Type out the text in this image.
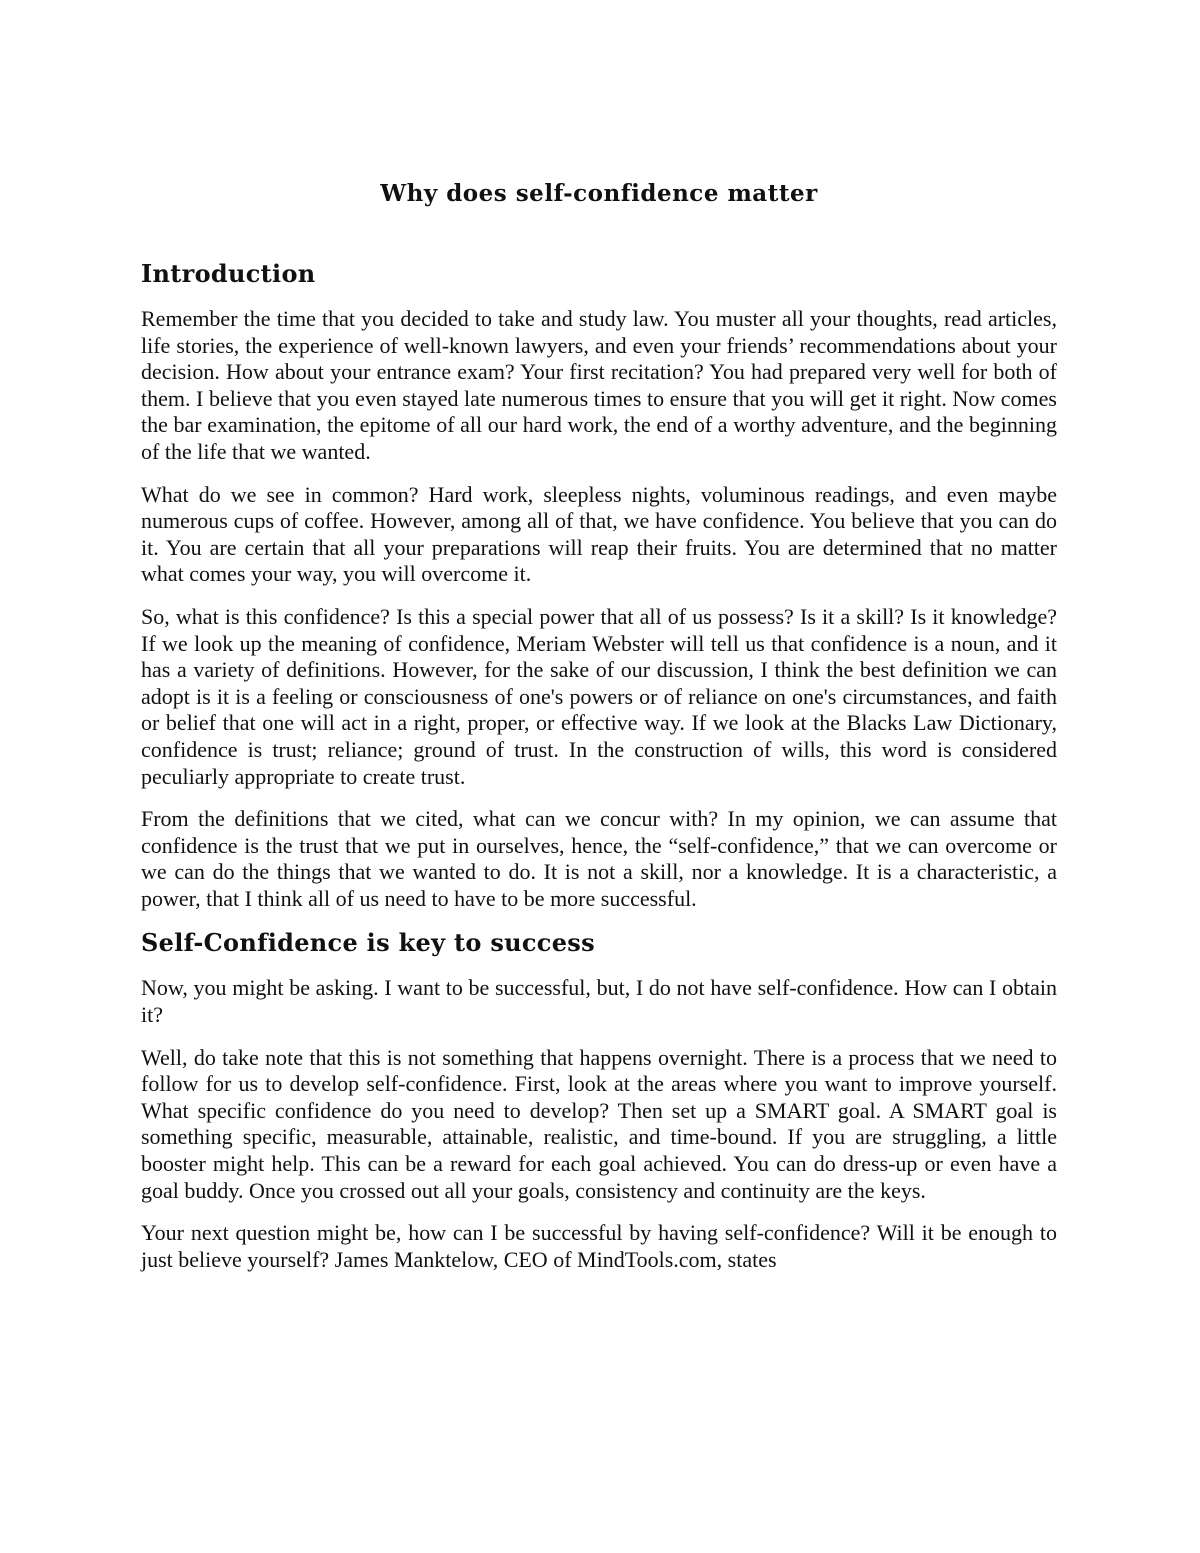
Why does self-confidence matter
Introduction

Remember the time that you decided to take and study law. You muster all your thoughts, read articles, life stories, the experience of well-known lawyers, and even your friends’ recommendations about your decision. How about your entrance exam? Your first recitation? You had prepared very well for both of them. I believe that you even stayed late numerous times to ensure that you will get it right. Now comes the bar examination, the epitome of all our hard work, the end of a worthy adventure, and the beginning of the life that we wanted.

What do we see in common? Hard work, sleepless nights, voluminous readings, and even maybe numerous cups of coffee. However, among all of that, we have confidence. You believe that you can do it. You are certain that all your preparations will reap their fruits. You are determined that no matter what comes your way, you will overcome it.

So, what is this confidence? Is this a special power that all of us possess? Is it a skill? Is it knowledge? If we look up the meaning of confidence, Meriam Webster will tell us that confidence is a noun, and it has a variety of definitions. However, for the sake of our discussion, I think the best definition we can adopt is it is a feeling or consciousness of one's powers or of reliance on one's circumstances, and faith or belief that one will act in a right, proper, or effective way. If we look at the Blacks Law Dictionary, confidence is trust; reliance; ground of trust. In the construction of wills, this word is considered peculiarly appropriate to create trust.

From the definitions that we cited, what can we concur with? In my opinion, we can assume that confidence is the trust that we put in ourselves, hence, the “self-confidence,” that we can overcome or we can do the things that we wanted to do. It is not a skill, nor a knowledge. It is a characteristic, a power, that I think all of us need to have to be more successful.

Self-Confidence is key to success

Now, you might be asking. I want to be successful, but, I do not have self-confidence. How can I obtain it?

Well, do take note that this is not something that happens overnight. There is a process that we need to follow for us to develop self-confidence. First, look at the areas where you want to improve yourself. What specific confidence do you need to develop? Then set up a SMART goal. A SMART goal is something specific, measurable, attainable, realistic, and time-bound. If you are struggling, a little booster might help. This can be a reward for each goal achieved. You can do dress-up or even have a goal buddy. Once you crossed out all your goals, consistency and continuity are the keys.

Your next question might be, how can I be successful by having self-confidence? Will it be enough to just believe yourself? James Manktelow, CEO of MindTools.com, states
